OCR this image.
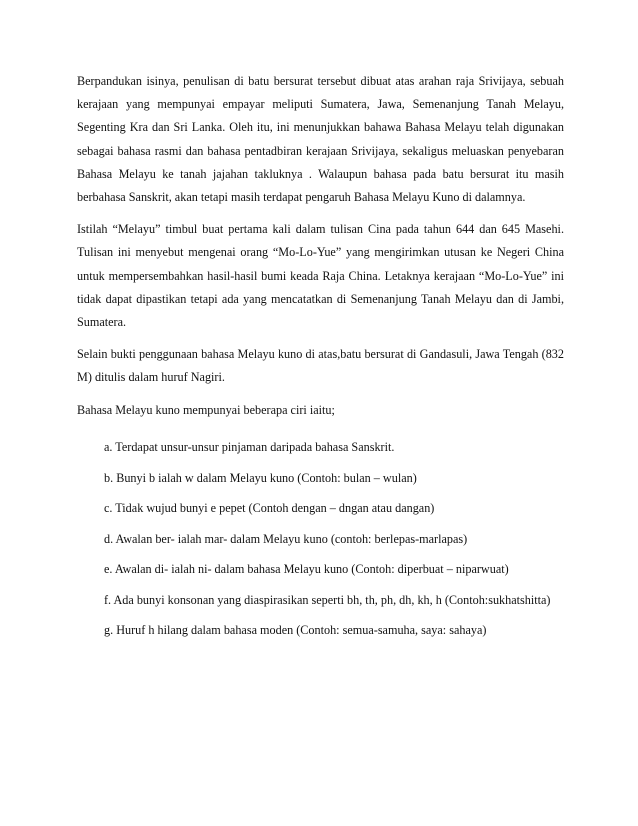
Berpandukan isinya, penulisan di batu bersurat tersebut dibuat atas arahan raja Srivijaya, sebuah kerajaan yang mempunyai empayar meliputi Sumatera, Jawa, Semenanjung Tanah Melayu, Segenting Kra dan Sri Lanka. Oleh itu, ini menunjukkan bahawa Bahasa Melayu telah digunakan sebagai bahasa rasmi dan bahasa pentadbiran kerajaan Srivijaya, sekaligus meluaskan penyebaran Bahasa Melayu ke tanah jajahan takluknya . Walaupun bahasa pada batu bersurat itu masih berbahasa Sanskrit, akan tetapi masih terdapat pengaruh Bahasa Melayu Kuno di dalamnya.

Istilah “Melayu” timbul buat pertama kali dalam tulisan Cina pada tahun 644 dan 645 Masehi. Tulisan ini menyebut mengenai orang “Mo-Lo-Yue” yang mengirimkan utusan ke Negeri China untuk mempersembahkan hasil-hasil bumi keada Raja China. Letaknya kerajaan “Mo-Lo-Yue” ini tidak dapat dipastikan tetapi ada yang mencatatkan di Semenanjung Tanah Melayu dan di Jambi, Sumatera.

Selain bukti penggunaan bahasa Melayu kuno di atas,batu bersurat di Gandasuli, Jawa Tengah (832 M) ditulis dalam huruf Nagiri.

Bahasa Melayu kuno mempunyai beberapa ciri iaitu;

a. Terdapat unsur-unsur pinjaman daripada bahasa Sanskrit.
b. Bunyi b ialah w dalam Melayu kuno (Contoh: bulan – wulan)
c. Tidak wujud bunyi e pepet (Contoh dengan – dngan atau dangan)
d. Awalan ber- ialah mar- dalam Melayu kuno (contoh: berlepas-marlapas)
e. Awalan di- ialah ni- dalam bahasa Melayu kuno (Contoh: diperbuat – niparwuat)
f. Ada bunyi konsonan yang diaspirasikan seperti bh, th, ph, dh, kh, h (Contoh:sukhatshitta)
g. Huruf h hilang dalam bahasa moden (Contoh: semua-samuha, saya: sahaya)
